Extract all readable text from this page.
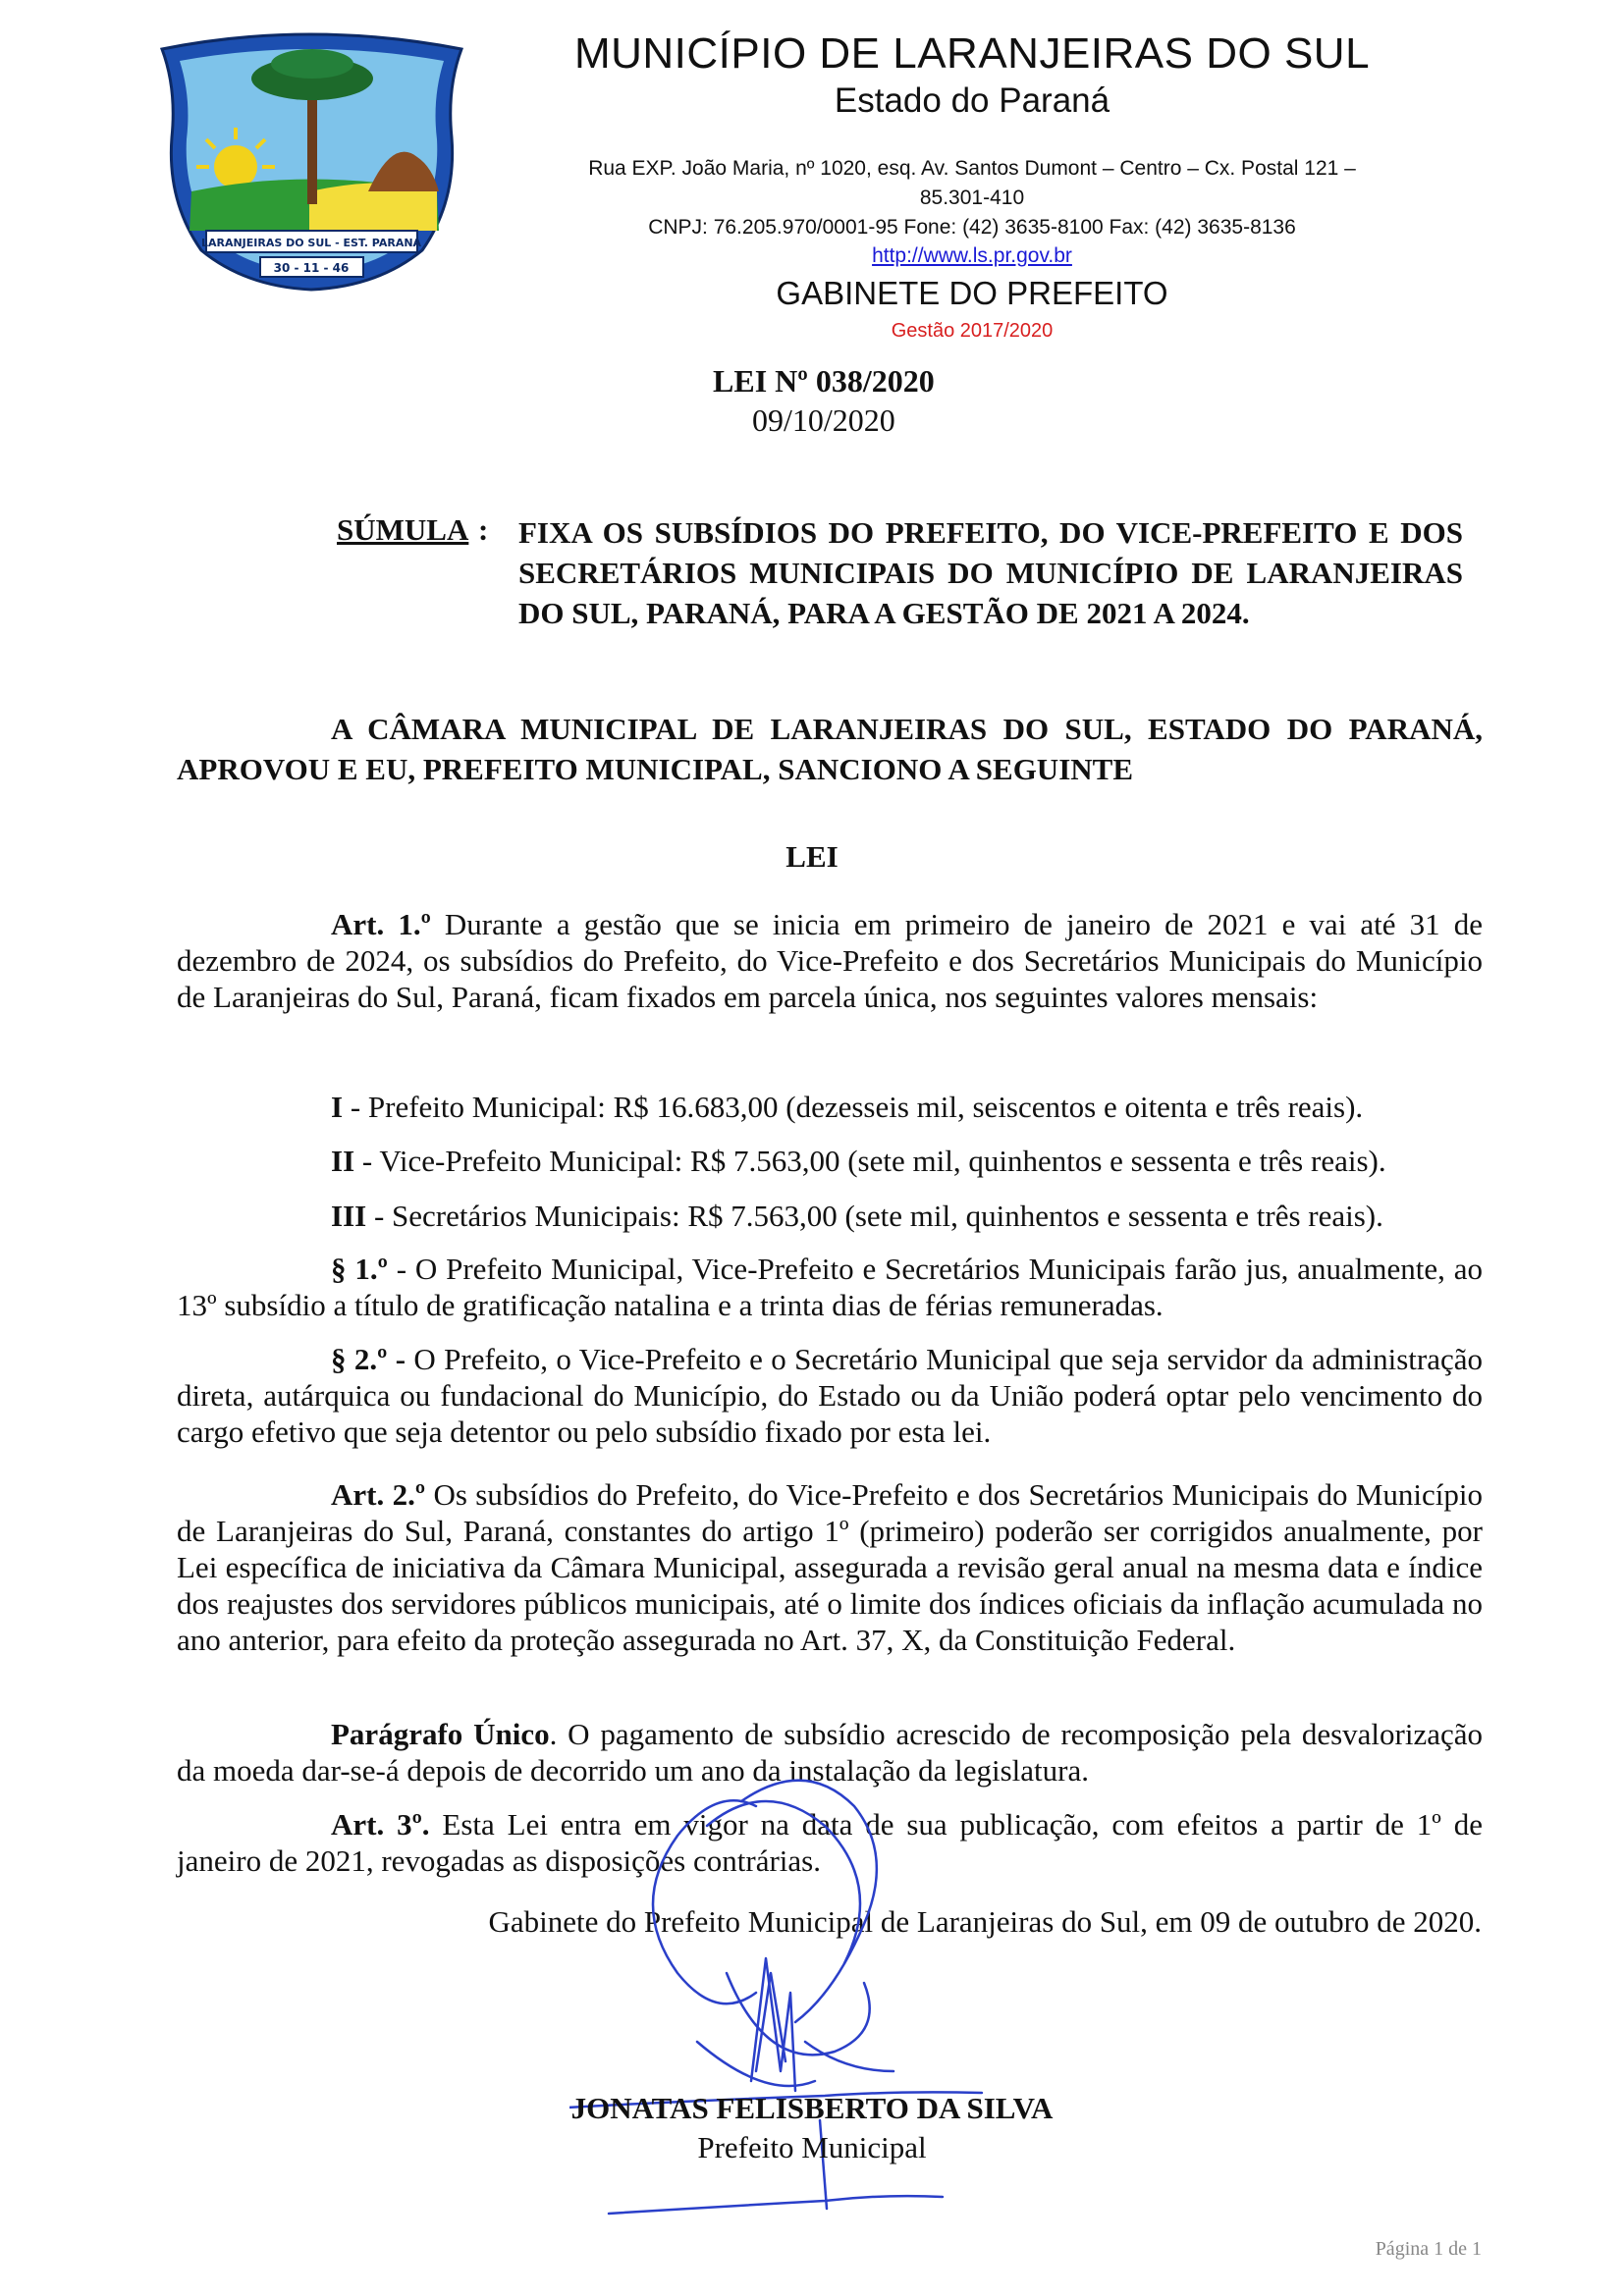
LARANJEIRAS DO SUL - EST. PARANÁ
30 - 11 - 46
MUNICÍPIO DE LARANJEIRAS DO SUL
Estado do Paraná
Rua EXP. João Maria, nº 1020, esq. Av. Santos Dumont – Centro – Cx. Postal 121 –
85.301-410
CNPJ: 76.205.970/0001-95 Fone: (42) 3635-8100 Fax: (42) 3635-8136
http://www.ls.pr.gov.br
GABINETE DO PREFEITO
Gestão 2017/2020
LEI Nº 038/2020
09/10/2020
SÚMULA : FIXA OS SUBSÍDIOS DO PREFEITO, DO VICE-PREFEITO E DOS SECRETÁRIOS MUNICIPAIS DO MUNICÍPIO DE LARANJEIRAS DO SUL, PARANÁ, PARA A GESTÃO DE 2021 A 2024.

A CÂMARA MUNICIPAL DE LARANJEIRAS DO SUL, ESTADO DO PARANÁ, APROVOU E EU, PREFEITO MUNICIPAL, SANCIONO A SEGUINTE

LEI

Art. 1.º Durante a gestão que se inicia em primeiro de janeiro de 2021 e vai até 31 de dezembro de 2024, os subsídios do Prefeito, do Vice-Prefeito e dos Secretários Municipais do Município de Laranjeiras do Sul, Paraná, ficam fixados em parcela única, nos seguintes valores mensais:

I - Prefeito Municipal: R$ 16.683,00 (dezesseis mil, seiscentos e oitenta e três reais).
II - Vice-Prefeito Municipal: R$ 7.563,00 (sete mil, quinhentos e sessenta e três reais).
III - Secretários Municipais: R$ 7.563,00 (sete mil, quinhentos e sessenta e três reais).

§ 1.º - O Prefeito Municipal, Vice-Prefeito e Secretários Municipais farão jus, anualmente, ao 13º subsídio a título de gratificação natalina e a trinta dias de férias remuneradas.

§ 2.º - O Prefeito, o Vice-Prefeito e o Secretário Municipal que seja servidor da administração direta, autárquica ou fundacional do Município, do Estado ou da União poderá optar pelo vencimento do cargo efetivo que seja detentor ou pelo subsídio fixado por esta lei.

Art. 2.º Os subsídios do Prefeito, do Vice-Prefeito e dos Secretários Municipais do Município de Laranjeiras do Sul, Paraná, constantes do artigo 1º (primeiro) poderão ser corrigidos anualmente, por Lei específica de iniciativa da Câmara Municipal, assegurada a revisão geral anual na mesma data e índice dos reajustes dos servidores públicos municipais, até o limite dos índices oficiais da inflação acumulada no ano anterior, para efeito da proteção assegurada no Art. 37, X, da Constituição Federal.

Parágrafo Único. O pagamento de subsídio acrescido de recomposição pela desvalorização da moeda dar-se-á depois de decorrido um ano da instalação da legislatura.

Art. 3º. Esta Lei entra em vigor na data de sua publicação, com efeitos a partir de 1º de janeiro de 2021, revogadas as disposições contrárias.

Gabinete do Prefeito Municipal de Laranjeiras do Sul, em 09 de outubro de 2020.
JONATAS FELISBERTO DA SILVA
Prefeito Municipal
Página 1 de 1
